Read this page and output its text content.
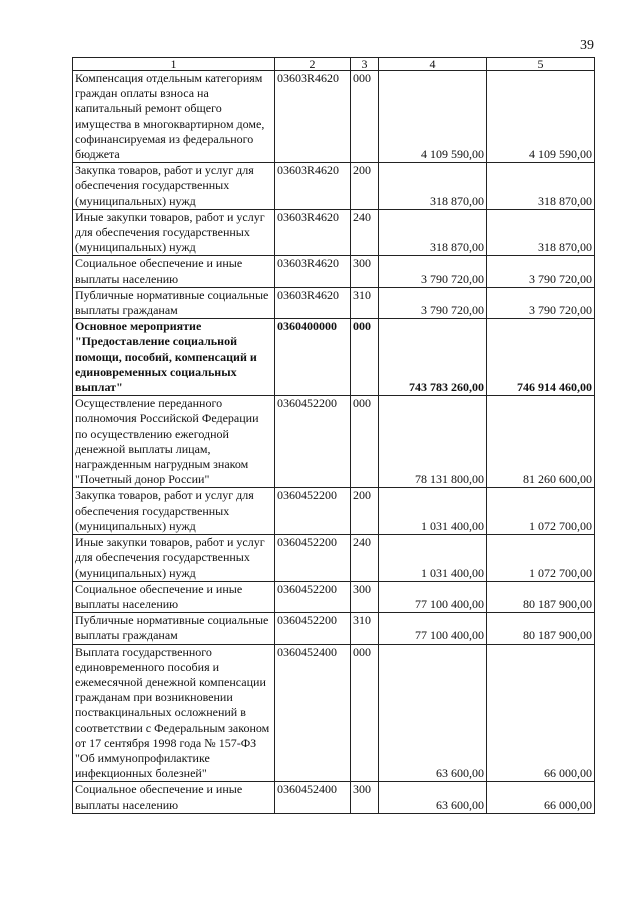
39
1	2	3	4	5
Компенсация отдельным категориям граждан оплаты взноса на капитальный ремонт общего имущества в многоквартирном доме, софинансируемая из федерального бюджета	03603R4620	000	4 109 590,00	4 109 590,00
Закупка товаров, работ и услуг для обеспечения государственных (муниципальных) нужд	03603R4620	200	318 870,00	318 870,00
Иные закупки товаров, работ и услуг для обеспечения государственных (муниципальных) нужд	03603R4620	240	318 870,00	318 870,00
Социальное обеспечение и иные выплаты населению	03603R4620	300	3 790 720,00	3 790 720,00
Публичные нормативные социальные выплаты гражданам	03603R4620	310	3 790 720,00	3 790 720,00
Основное мероприятие "Предоставление социальной помощи, пособий, компенсаций и единовременных социальных выплат"	0360400000	000	743 783 260,00	746 914 460,00
Осуществление переданного полномочия Российской Федерации по осуществлению ежегодной денежной выплаты лицам, награжденным нагрудным знаком "Почетный донор России"	0360452200	000	78 131 800,00	81 260 600,00
Закупка товаров, работ и услуг для обеспечения государственных (муниципальных) нужд	0360452200	200	1 031 400,00	1 072 700,00
Иные закупки товаров, работ и услуг для обеспечения государственных (муниципальных) нужд	0360452200	240	1 031 400,00	1 072 700,00
Социальное обеспечение и иные выплаты населению	0360452200	300	77 100 400,00	80 187 900,00
Публичные нормативные социальные выплаты гражданам	0360452200	310	77 100 400,00	80 187 900,00
Выплата государственного единовременного пособия и ежемесячной денежной компенсации гражданам при возникновении поствакцинальных осложнений в соответствии с Федеральным законом от 17 сентября 1998 года № 157-ФЗ "Об иммунопрофилактике инфекционных болезней"	0360452400	000	63 600,00	66 000,00
Социальное обеспечение и иные выплаты населению	0360452400	300	63 600,00	66 000,00
